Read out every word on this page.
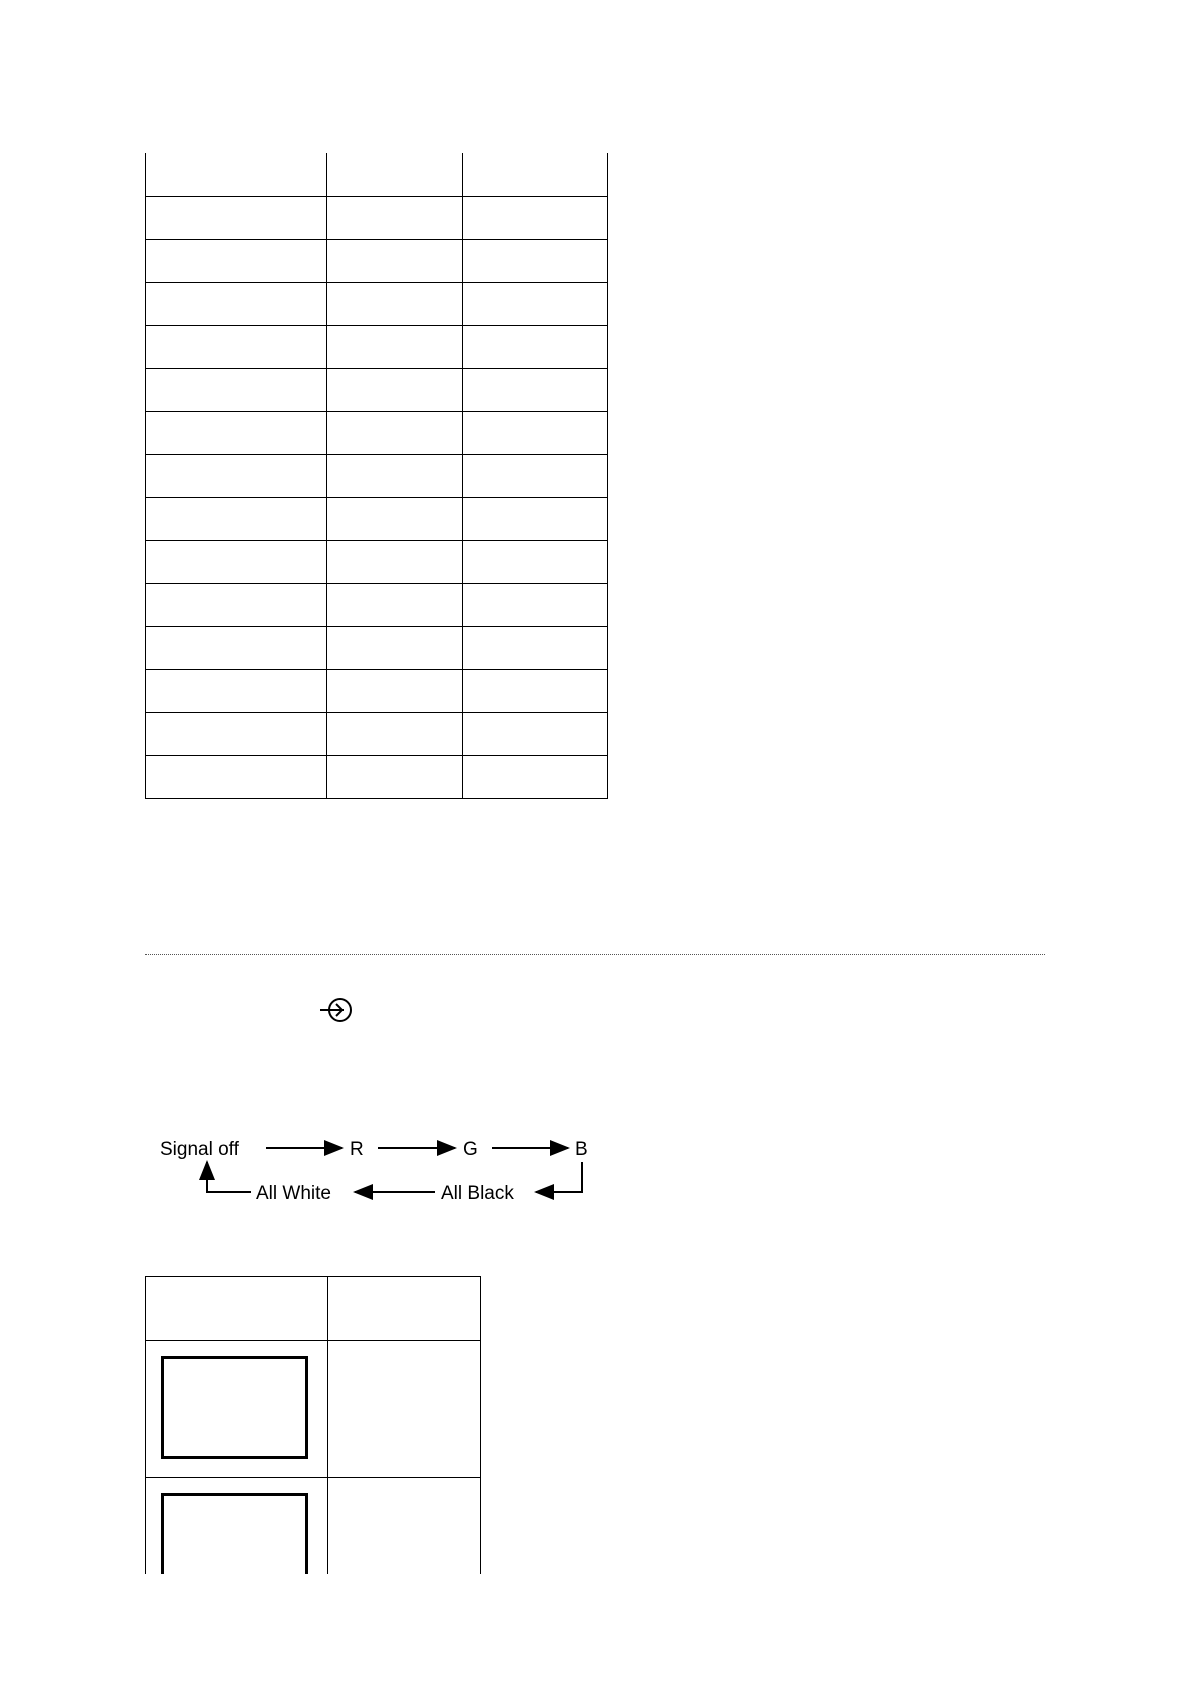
Signal off	R	G	B
All Black
All White
